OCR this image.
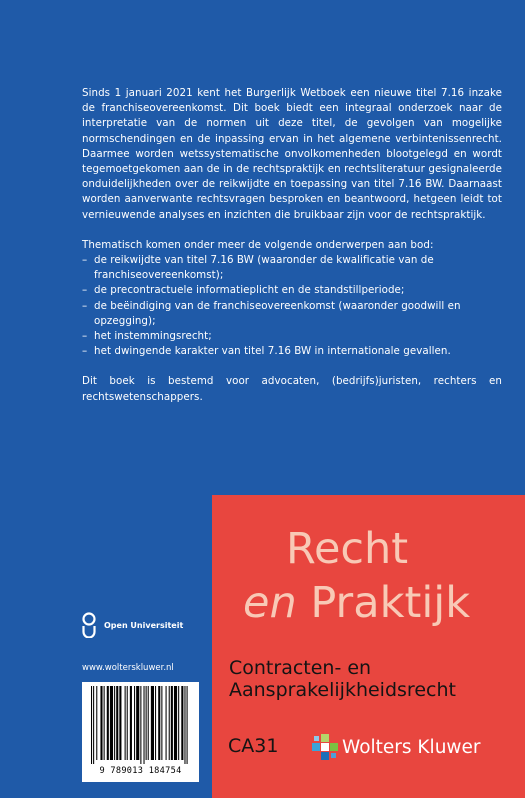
Sinds 1 januari 2021 kent het Burgerlijk Wetboek een nieuwe titel 7.16 inzake de franchiseovereenkomst. Dit boek biedt een integraal onderzoek naar de interpretatie van de normen uit deze titel, de gevolgen van mogelijke normschendingen en de inpassing ervan in het algemene verbintenissenrecht. Daarmee worden wetssystematische onvolkomenheden blootgelegd en wordt tegemoetgekomen aan de in de rechtspraktijk en rechtsliteratuur gesignaleerde onduidelijkheden over de reikwijdte en toepassing van titel 7.16 BW. Daarnaast worden aanverwante rechtsvragen besproken en beantwoord, hetgeen leidt tot vernieuwende analyses en inzichten die bruikbaar zijn voor de rechtspraktijk.

Thematisch komen onder meer de volgende onderwerpen aan bod:
– de reikwijdte van titel 7.16 BW (waaronder de kwalificatie van de franchiseovereenkomst);
– de precontractuele informatieplicht en de standstillperiode;
– de beëindiging van de franchiseovereenkomst (waaronder goodwill en opzegging);
– het instemmingsrecht;
– het dwingende karakter van titel 7.16 BW in internationale gevallen.

Dit boek is bestemd voor advocaten, (bedrijfs)juristen, rechters en rechtswetenschappers.

Recht
en Praktijk
Contracten- en
Aansprakelijkheidsrecht
CA31	Wolters Kluwer
Open Universiteit
www.wolterskluwer.nl
9 789013 184754
